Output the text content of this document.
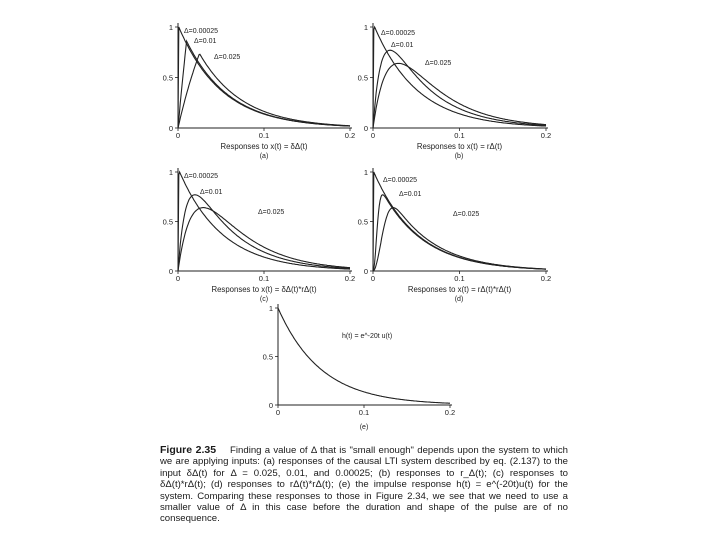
0
0.5
1
0	0.1	0.2
Δ=0.00025
Δ=0.01
Δ=0.025
Responses to x(t) = δΔ(t)
(a)
0
0.5
1
0	0.1	0.2
Δ=0.00025
Δ=0.01
Δ=0.025
Responses to x(t) = rΔ(t)
(b)
0
0.5
1
0	0.1	0.2
Δ=0.00025
Δ=0.01
Δ=0.025
Responses to x(t) = δΔ(t)*rΔ(t)
(c)
0
0.5
1
0	0.1	0.2
Δ=0.00025
Δ=0.01
Δ=0.025
Responses to x(t) = rΔ(t)*rΔ(t)
(d)
0
0.5
1
0	0.1	0.2
h(t) = e^-20t u(t)
(e)
Figure 2.35 Finding a value of Δ that is "small enough" depends upon the system to which we are applying inputs: (a) responses of the causal LTI system described by eq. (2.137) to the input δΔ(t) for Δ = 0.025, 0.01, and 0.00025; (b) responses to r_Δ(t); (c) responses to δΔ(t)*rΔ(t); (d) responses to rΔ(t)*rΔ(t); (e) the impulse response h(t) = e^(-20t)u(t) for the system. Comparing these responses to those in Figure 2.34, we see that we need to use a smaller value of Δ in this case before the duration and shape of the pulse are of no consequence.
